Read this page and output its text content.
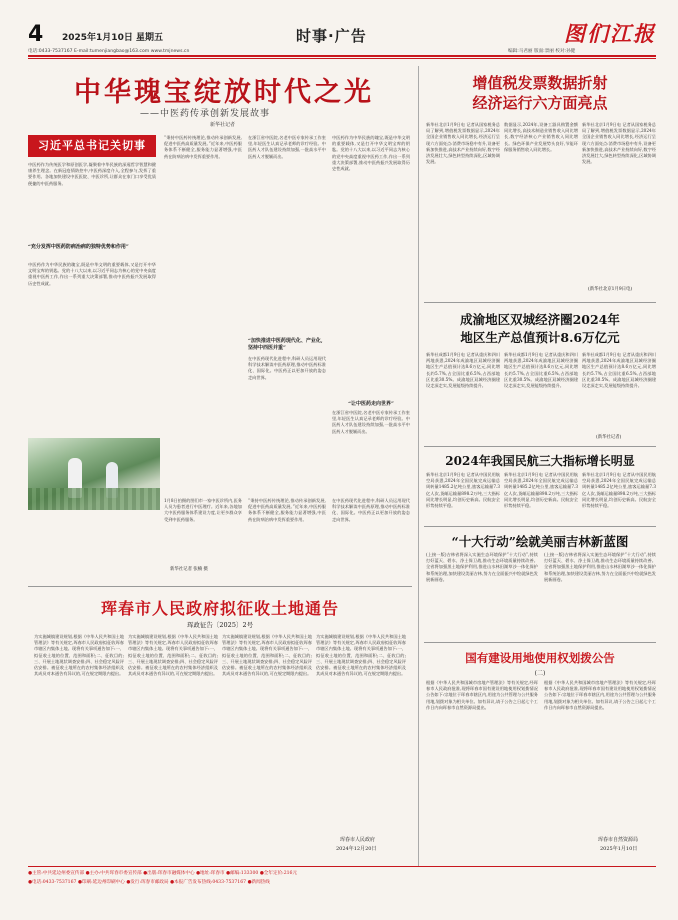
4 2025年1月10日 星期五	时事·广告	图们江报
电话:0433-7537167 E-mail:tumenjiangbao@163.com www.tmjnews.cn	编辑:马君丽 版面:景丽 校对:孙健
中华瑰宝绽放时代之光
——中医药传承创新发展故事
新华社记者
习近平总书记关切事
中医药作为传统医学和原创医学,凝聚着中华民族的深邃哲学智慧和健康养生理念。在新冠疫情防控中,中医药深度介入,全程参与,发挥了重要作用。各地加快建设中医医院、中医诊所,让群众在家门口享受优质便捷的中医药服务。
“充分发挥中医药防病治病的独特优势和作用”
中医药作为中华民族的瑰宝,既是中华文明的重要载体,又是打开中华文明宝库的钥匙。党的十八大以来,以习近平同志为核心的党中央高度重视中医药工作,作出一系列重大决策部署,推动中医药振兴发展取得历史性成就。
“秉持中医药传统理论,推动传承创新发展,促进中医药高质量发展。”近年来,中医药服务体系不断健全,服务能力显著增强,中医药在防病治病中发挥重要作用。
在浙江省中医院,名老中医专家传承工作室里,年轻医生认真记录老师的诊疗经验。中医药人才队伍建设持续加强,一批高水平中医药人才脱颖而出。
“加快推进中医药现代化、产业化,坚持中西医并重”
在中医药现代化进程中,科研人员运用现代科学技术解读中医药原理,推动中医药标准化、国际化。中医药正以更加开放的姿态走向世界。
中医药作为中华民族的瑰宝,既是中华文明的重要载体,又是打开中华文明宝库的钥匙。党的十八大以来,以习近平同志为核心的党中央高度重视中医药工作,作出一系列重大决策部署,推动中医药振兴发展取得历史性成就。
“让中医药走向世界”
在浙江省中医院,名老中医专家传承工作室里,年轻医生认真记录老师的诊疗经验。中医药人才队伍建设持续加强,一批高水平中医药人才脱颖而出。
1月8日拍摄的图们市一家中医诊所内,医务人员为患者进行中医理疗。近年来,各地加大中医药服务体系建设力度,让更多群众享受到中医药服务。
新华社记者 张楠 摄
“秉持中医药传统理论,推动传承创新发展,促进中医药高质量发展。”近年来,中医药服务体系不断健全,服务能力显著增强,中医药在防病治病中发挥重要作用。
在中医药现代化进程中,科研人员运用现代科学技术解读中医药原理,推动中医药标准化、国际化。中医药正以更加开放的姿态走向世界。
珲春市人民政府拟征收土地通告
珲政征告〔2025〕2号
为实施城镇建设规划,根据《中华人民共和国土地管理法》等有关规定,珲春市人民政府拟征收珲春市辖区内集体土地。现将有关事项通告如下:一、拟征收土地的位置、范围和面积;二、征收目的;三、开展土地现状调查安排;四、社会稳定风险评估安排。被征收土地所在的农村集体经济组织及其成员对本通告有异议的,可在规定期限内提出。
为实施城镇建设规划,根据《中华人民共和国土地管理法》等有关规定,珲春市人民政府拟征收珲春市辖区内集体土地。现将有关事项通告如下:一、拟征收土地的位置、范围和面积;二、征收目的;三、开展土地现状调查安排;四、社会稳定风险评估安排。被征收土地所在的农村集体经济组织及其成员对本通告有异议的,可在规定期限内提出。
为实施城镇建设规划,根据《中华人民共和国土地管理法》等有关规定,珲春市人民政府拟征收珲春市辖区内集体土地。现将有关事项通告如下:一、拟征收土地的位置、范围和面积;二、征收目的;三、开展土地现状调查安排;四、社会稳定风险评估安排。被征收土地所在的农村集体经济组织及其成员对本通告有异议的,可在规定期限内提出。
为实施城镇建设规划,根据《中华人民共和国土地管理法》等有关规定,珲春市人民政府拟征收珲春市辖区内集体土地。现将有关事项通告如下:一、拟征收土地的位置、范围和面积;二、征收目的;三、开展土地现状调查安排;四、社会稳定风险评估安排。被征收土地所在的农村集体经济组织及其成员对本通告有异议的,可在规定期限内提出。
珲春市人民政府
2024年12月20日
增值税发票数据折射
经济运行六方面亮点
新华社北京1月9日电 记者从国家税务总局了解到,增值税发票数据显示,2024年全国企业销售收入同比增长,经济运行呈现六方面亮点:消费市场稳中有升,设备更新加快推进,高技术产业持续向好,数字经济发展壮大,绿色转型持续深化,区域协调发展。
数据显示,2024年,设备工器具购置金额同比增长,高技术制造业销售收入同比增长,数字经济核心产业销售收入同比增长。绿色环保产业发展势头良好,节能环保服务销售收入同比增长。
新华社北京1月9日电 记者从国家税务总局了解到,增值税发票数据显示,2024年全国企业销售收入同比增长,经济运行呈现六方面亮点:消费市场稳中有升,设备更新加快推进,高技术产业持续向好,数字经济发展壮大,绿色转型持续深化,区域协调发展。
(新华社北京1月9日电)
成渝地区双城经济圈2024年
地区生产总值预计8.6万亿元
新华社成都1月9日电 记者从重庆和四川两地获悉,2024年成渝地区双城经济圈地区生产总值预计达8.6万亿元,同比增长约5.7%,占全国比重6.5%,占西部地区比重30.5%。成渝地区双城经济圈建设走深走实,发展能级持续提升。
新华社成都1月9日电 记者从重庆和四川两地获悉,2024年成渝地区双城经济圈地区生产总值预计达8.6万亿元,同比增长约5.7%,占全国比重6.5%,占西部地区比重30.5%。成渝地区双城经济圈建设走深走实,发展能级持续提升。
新华社成都1月9日电 记者从重庆和四川两地获悉,2024年成渝地区双城经济圈地区生产总值预计达8.6万亿元,同比增长约5.7%,占全国比重6.5%,占西部地区比重30.5%。成渝地区双城经济圈建设走深走实,发展能级持续提升。
(新华社记者)
2024年我国民航三大指标增长明显
新华社北京1月9日电 记者从中国民用航空局获悉,2024年全国民航完成运输总周转量1485.2亿吨公里,旅客运输量7.3亿人次,货邮运输量898.2万吨,三大指标同比增长明显,均创历史新高。民航安全形势持续平稳。
新华社北京1月9日电 记者从中国民用航空局获悉,2024年全国民航完成运输总周转量1485.2亿吨公里,旅客运输量7.3亿人次,货邮运输量898.2万吨,三大指标同比增长明显,均创历史新高。民航安全形势持续平稳。
新华社北京1月9日电 记者从中国民用航空局获悉,2024年全国民航完成运输总周转量1485.2亿吨公里,旅客运输量7.3亿人次,货邮运输量898.2万吨,三大指标同比增长明显,均创历史新高。民航安全形势持续平稳。
“十大行动”绘就美丽吉林新蓝图
(上接一版)吉林省将深入实施生态环境保护“十大行动”,持续打好蓝天、碧水、净土保卫战,推动生态环境质量持续改善。全省将加强黑土地保护利用,推进山水林田湖草沙一体化保护和系统治理,加快建设美丽吉林,努力在全面振兴中绘就绿色发展新画卷。
(上接一版)吉林省将深入实施生态环境保护“十大行动”,持续打好蓝天、碧水、净土保卫战,推动生态环境质量持续改善。全省将加强黑土地保护利用,推进山水林田湖草沙一体化保护和系统治理,加快建设美丽吉林,努力在全面振兴中绘就绿色发展新画卷。
国有建设用地使用权划拨公告
(二)
根据《中华人民共和国城市房地产管理法》等有关规定,经珲春市人民政府批准,现将珲春市国有建设用地使用权划拨情况公告如下:宗地位于珲春市辖区内,用途为公共管理与公共服务用地,划拨对象为相关单位。如有异议,请于公告之日起七个工作日内向珲春市自然资源局提出。
根据《中华人民共和国城市房地产管理法》等有关规定,经珲春市人民政府批准,现将珲春市国有建设用地使用权划拨情况公告如下:宗地位于珲春市辖区内,用途为公共管理与公共服务用地,划拨对象为相关单位。如有异议,请于公告之日起七个工作日内向珲春市自然资源局提出。
珲春市自然资源局
2025年1月10日
●主管:中共延边州委宣传部 ●主办:中共珲春市委宣传部 ●出版:珲春市融媒体中心 ●地址:珲春市 ●邮编:133300 ●全年定价:216元
●电话:0433-7537167 ●印刷:延边州印刷中心 ●发行:珲春市邮政局 ●本报广告发布热线:0433-7537167 ●新闻热线
